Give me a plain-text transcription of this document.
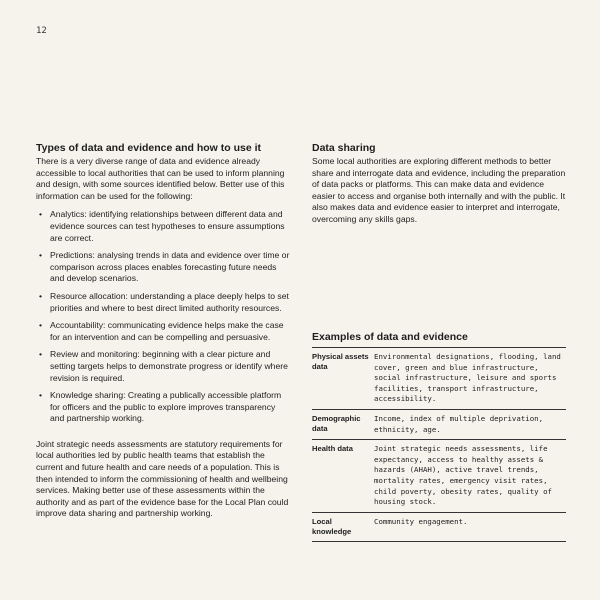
12
Types of data and evidence and how to use it

There is a very diverse range of data and evidence already accessible to local authorities that can be used to inform planning and design, with some sources identified below. Better use of this information can be used for the following:

• Analytics: identifying relationships between different data and evidence sources can test hypotheses to ensure assumptions are correct.
• Predictions: analysing trends in data and evidence over time or comparison across places enables forecasting future needs and develop scenarios.
• Resource allocation: understanding a place deeply helps to set priorities and where to best direct limited authority resources.
• Accountability: communicating evidence helps make the case for an intervention and can be compelling and persuasive.
• Review and monitoring: beginning with a clear picture and setting targets helps to demonstrate progress or identify where revision is required.
• Knowledge sharing: Creating a publically accessible platform for officers and the public to explore improves transparency and partnership working.

Joint strategic needs assessments are statutory requirements for local authorities led by public health teams that establish the current and future health and care needs of a population. This is then intended to inform the commissioning of health and wellbeing services. Making better use of these assessments within the authority and as part of the evidence base for the Local Plan could improve data sharing and partnership working.

Data sharing

Some local authorities are exploring different methods to better share and interrogate data and evidence, including the preparation of data packs or platforms. This can make data and evidence easier to access and organise both internally and with the public. It also makes data and evidence easier to interpret and interrogate, overcoming any skills gaps.

Examples of data and evidence
Physical assets data	Environmental designations, flooding, land cover, green and blue infrastructure, social infrastructure, leisure and sports facilities, transport infrastructure, accessibility.
Demographic data	Income, index of multiple deprivation, ethnicity, age.
Health data	Joint strategic needs assessments, life expectancy, access to healthy assets & hazards (AHAH), active travel trends, mortality rates, emergency visit rates, child poverty, obesity rates, quality of housing stock.
Local knowledge	Community engagement.
